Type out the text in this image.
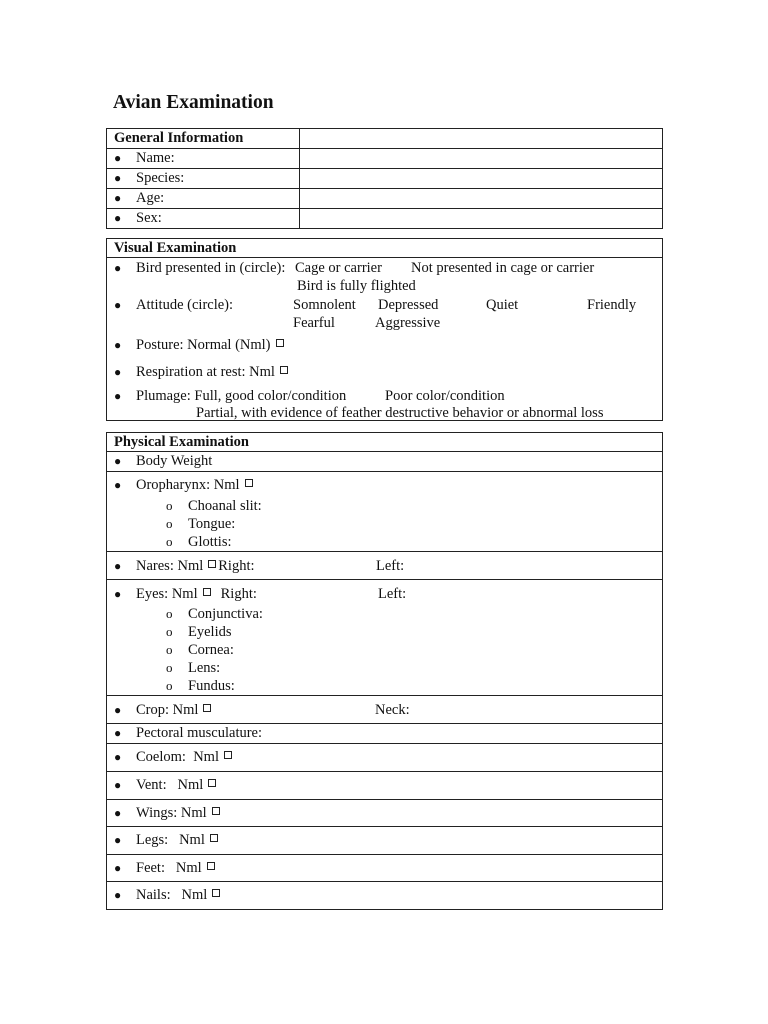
Avian Examination
General Information	
● Name:	
● Species:	
● Age:	
● Sex:	
Visual Examination

● Bird presented in (circle): Cage or carrier Not presented in cage or carrier
Bird is fully flighted
● Attitude (circle):	Somnolent Depressed	Quiet	Friendly
Fearful	Aggressive
● Posture: Normal (Nml)
● Respiration at rest: Nml
● Plumage: Full, good color/condition	Poor color/condition
Partial, with evidence of feather destructive behavior or abnormal loss
Physical Examination
● Body Weight

● Oropharynx: Nml
o Choanal slit:
o Tongue:
o Glottis:

● Nares: Nml Right:	Left:

● Eyes: Nml Right:	Left:
o Conjunctiva:
o Eyelids
o Cornea:
o Lens:
o Fundus:

● Crop: Nml	Neck:

● Pectoral musculature:
● Coelom:  Nml
● Vent:   Nml
● Wings: Nml
● Legs:   Nml
● Feet:   Nml
● Nails:   Nml
